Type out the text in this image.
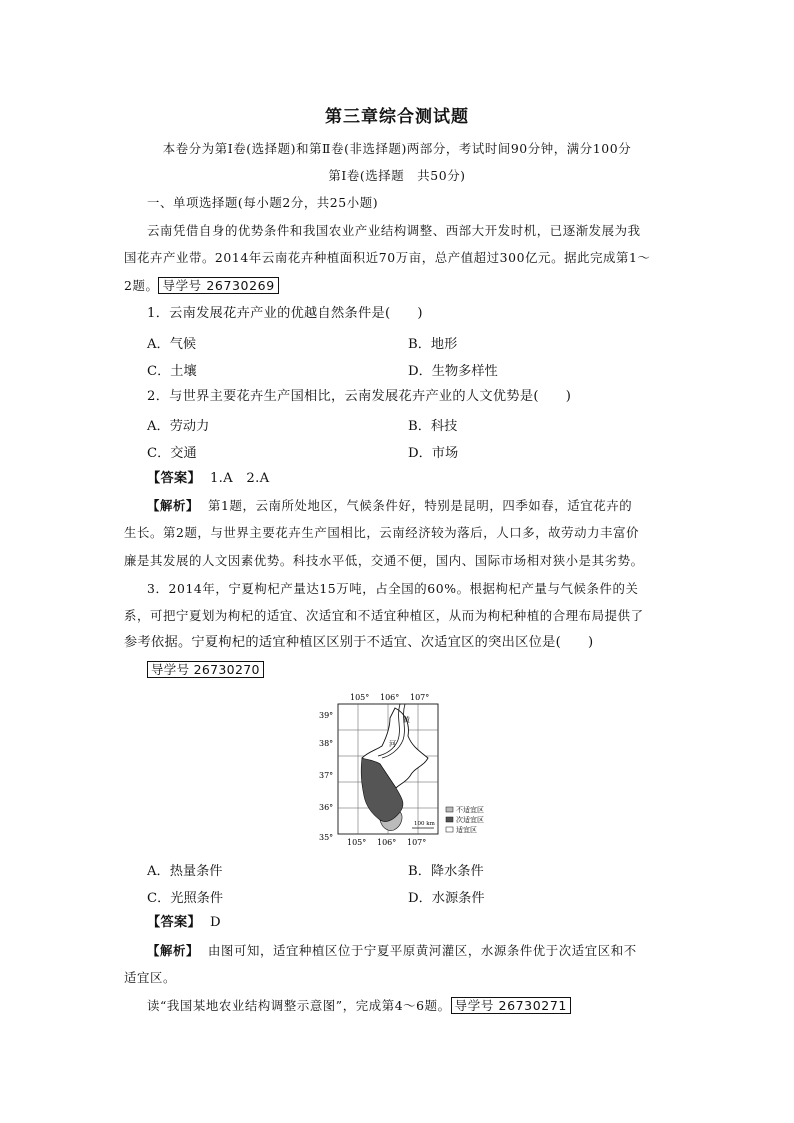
第三章综合测试题
本卷分为第Ⅰ卷(选择题)和第Ⅱ卷(非选择题)两部分，考试时间90分钟，满分100分
第Ⅰ卷(选择题　共50分)
一、单项选择题(每小题2分，共25小题)
云南凭借自身的优势条件和我国农业产业结构调整、西部大开发时机，已逐渐发展为我
国花卉产业带。2014年云南花卉种植面积近70万亩，总产值超过300亿元。据此完成第1～
2题。 导学号 26730269
1．云南发展花卉产业的优越自然条件是(　　)
A．气候	B．地形
C．土壤	D．生物多样性
2．与世界主要花卉生产国相比，云南发展花卉产业的人文优势是(　　)
A．劳动力	B．科技
C．交通	D．市场
【答案】 1.A　2.A
【解析】 第1题，云南所处地区，气候条件好，特别是昆明，四季如春，适宜花卉的
生长。第2题，与世界主要花卉生产国相比，云南经济较为落后，人口多，故劳动力丰富价
廉是其发展的人文因素优势。科技水平低，交通不便，国内、国际市场相对狭小是其劣势。
3．2014年，宁夏枸杞产量达15万吨，占全国的60%。根据枸杞产量与气候条件的关
系，可把宁夏划为枸杞的适宜、次适宜和不适宜种植区，从而为枸杞种植的合理布局提供了
参考依据。宁夏枸杞的适宜种植区区别于不适宜、次适宜区的突出区位是(　　)
导学号 26730270
黄
河
105° 106° 107°
105° 106° 107°
39°
38°
37°
36°
35°
100 km
不适宜区
次适宜区
适宜区
A．热量条件	B．降水条件
C．光照条件	D．水源条件
【答案】 D
【解析】 由图可知，适宜种植区位于宁夏平原黄河灌区，水源条件优于次适宜区和不
适宜区。
读“我国某地农业结构调整示意图”，完成第4～6题。 导学号 26730271
